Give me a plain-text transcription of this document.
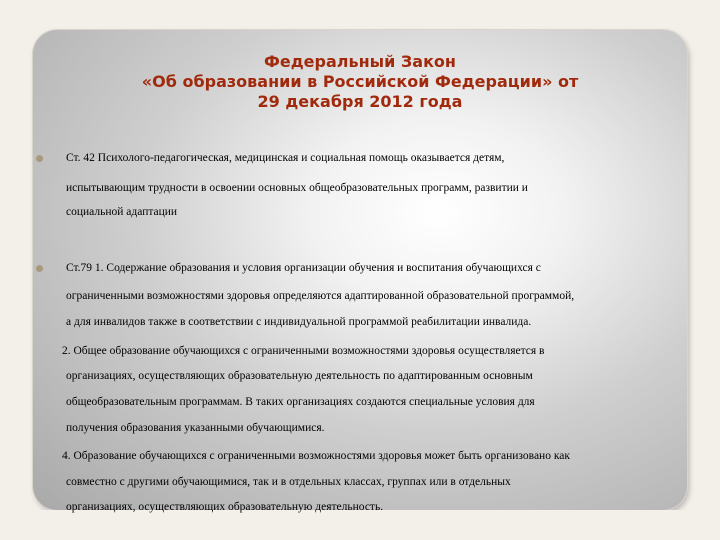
Федеральный Закон
«Об образовании в Российской Федерации» от
29 декабря 2012 года
Ст. 42 Психолого-педагогическая, медицинская и социальная помощь оказывается детям,
испытывающим трудности в освоении основных общеобразовательных программ, развитии и
социальной адаптации
Ст.79 1. Содержание образования и условия организации обучения и воспитания обучающихся с
ограниченными возможностями здоровья определяются адаптированной образовательной программой,
а для инвалидов также в соответствии с индивидуальной программой реабилитации инвалида.
2. Общее образование обучающихся с ограниченными возможностями здоровья осуществляется в
организациях, осуществляющих образовательную деятельность по адаптированным основным
общеобразовательным программам. В таких организациях создаются специальные условия для
получения образования указанными обучающимися.
4. Образование обучающихся с ограниченными возможностями здоровья может быть организовано как
совместно с другими обучающимися, так и в отдельных классах, группах или в отдельных
организациях, осуществляющих образовательную деятельность.
